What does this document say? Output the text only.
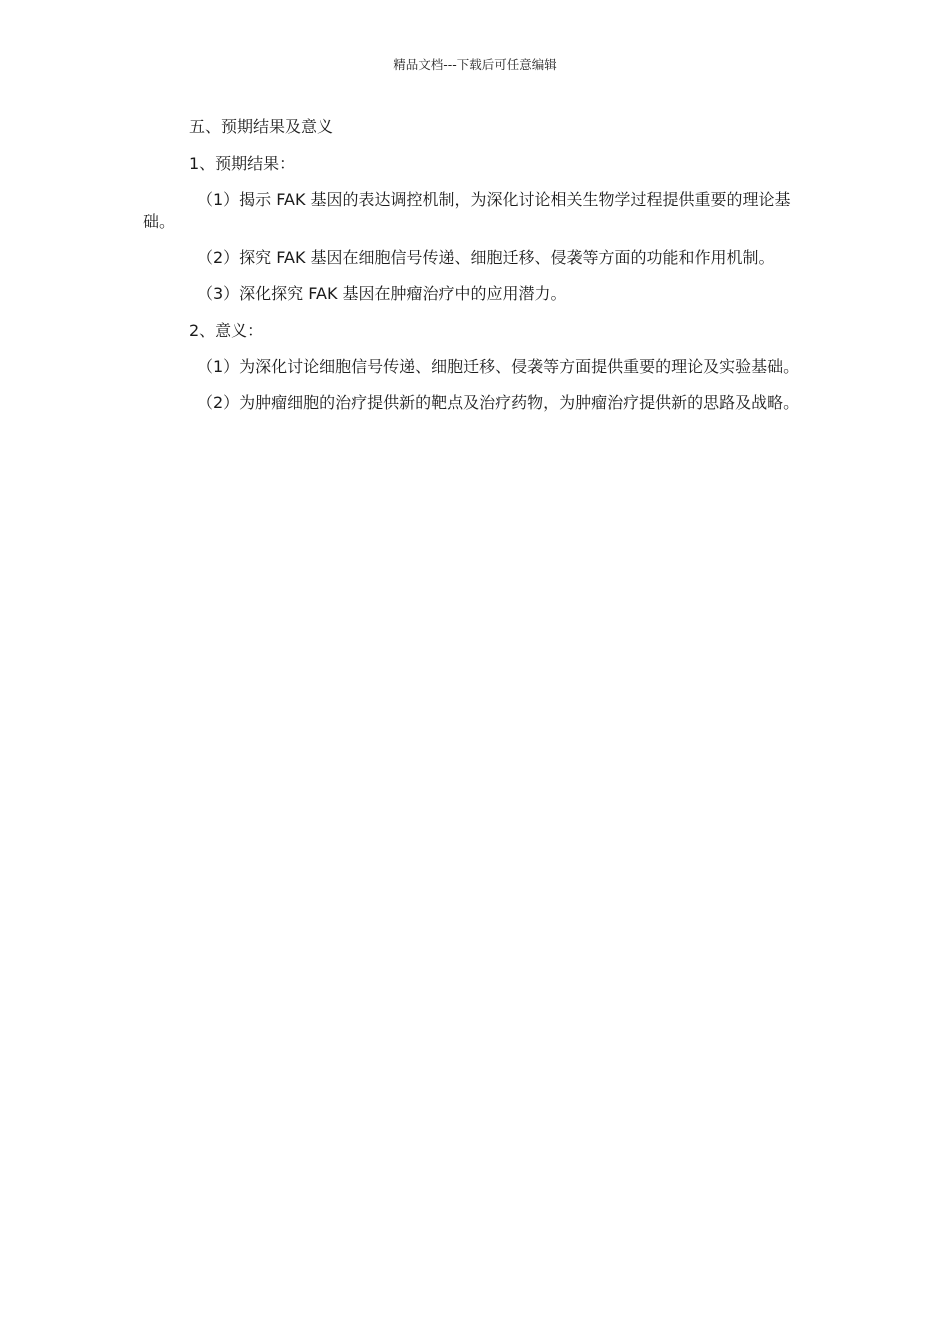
精品文档---下载后可任意编辑

五、预期结果及意义

1、预期结果：

（1）揭示 FAK 基因的表达调控机制，为深化讨论相关生物学过程提供重要的理论基础。

（2）探究 FAK 基因在细胞信号传递、细胞迁移、侵袭等方面的功能和作用机制。

（3）深化探究 FAK 基因在肿瘤治疗中的应用潜力。

2、意义：

（1）为深化讨论细胞信号传递、细胞迁移、侵袭等方面提供重要的理论及实验基础。

（2）为肿瘤细胞的治疗提供新的靶点及治疗药物，为肿瘤治疗提供新的思路及战略。
